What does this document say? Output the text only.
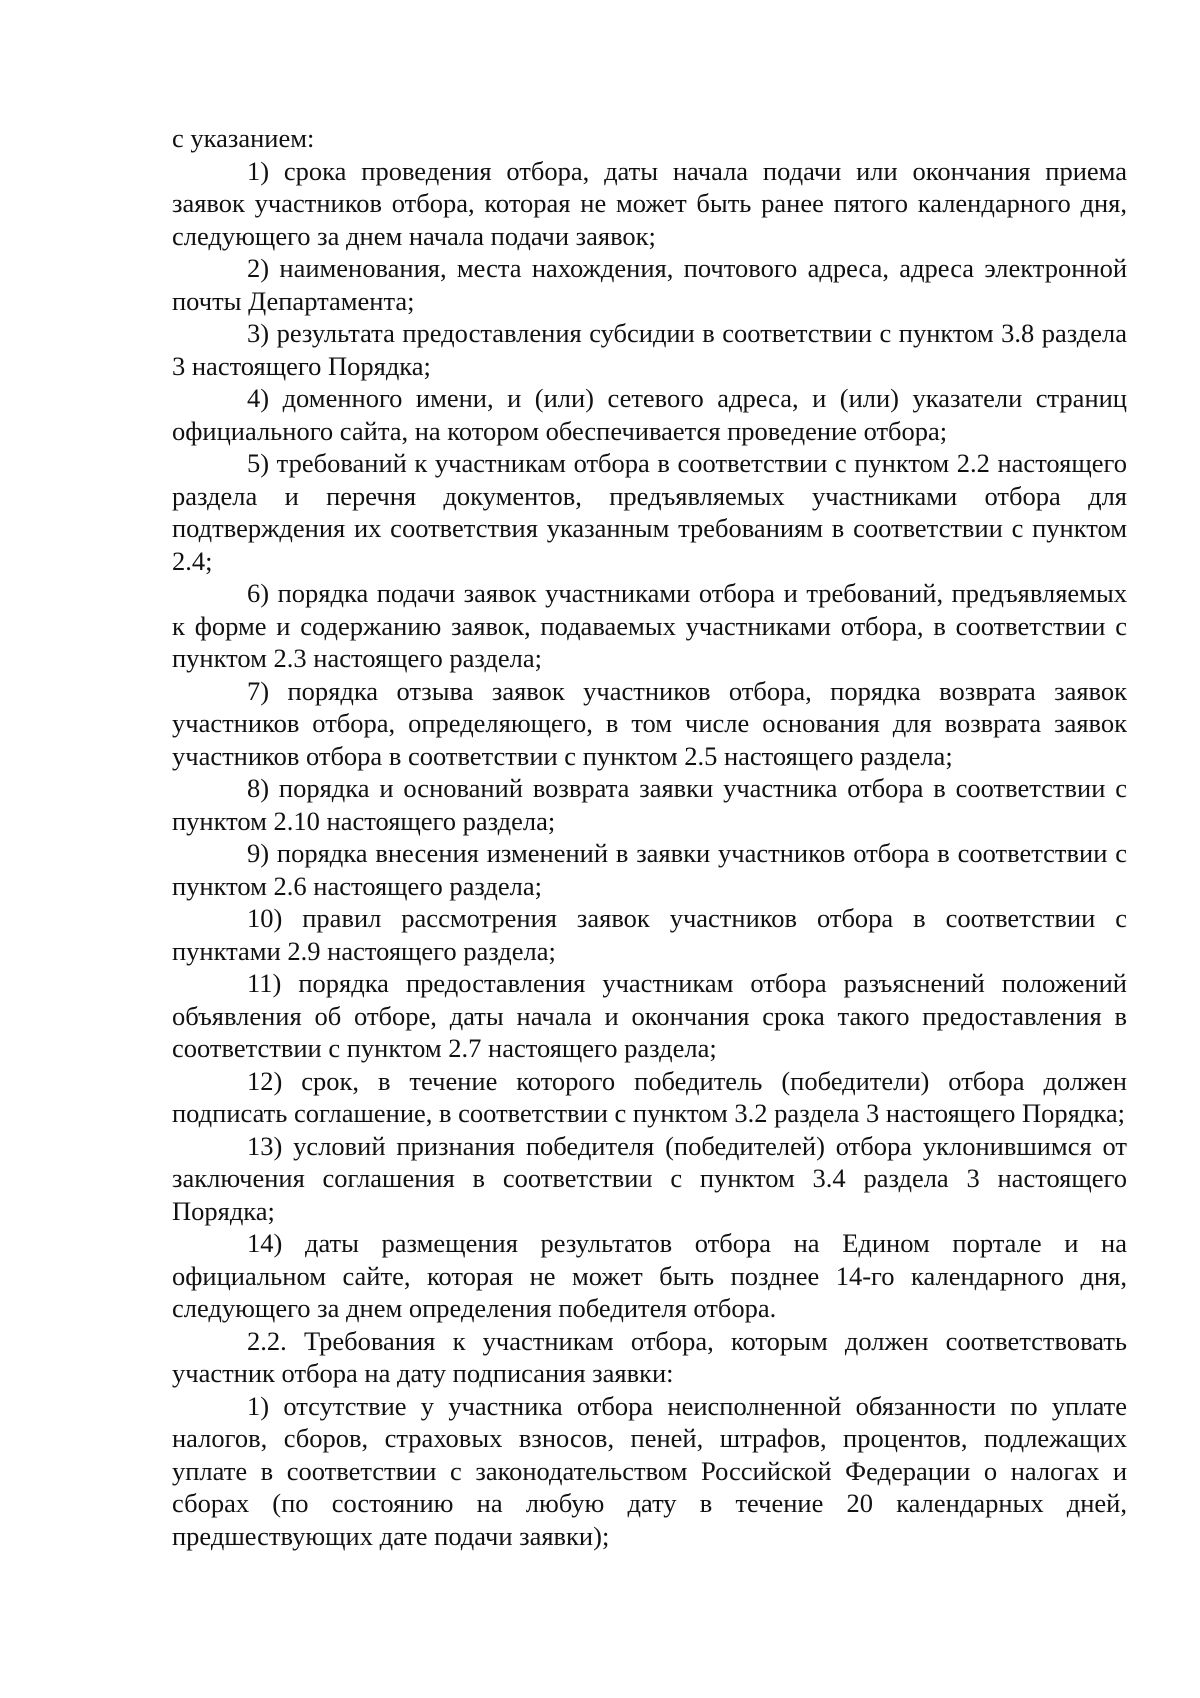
с указанием:

1) срока проведения отбора, даты начала подачи или окончания приема заявок участников отбора, которая не может быть ранее пятого календарного дня, следующего за днем начала подачи заявок;

2) наименования, места нахождения, почтового адреса, адреса электронной почты Департамента;

3) результата предоставления субсидии в соответствии с пунктом 3.8 раздела 3 настоящего Порядка;

4) доменного имени, и (или) сетевого адреса, и (или) указатели страниц официального сайта, на котором обеспечивается проведение отбора;

5) требований к участникам отбора в соответствии с пунктом 2.2 настоящего раздела и перечня документов, предъявляемых участниками отбора для подтверждения их соответствия указанным требованиям в соответствии с пунктом 2.4;

6) порядка подачи заявок участниками отбора и требований, предъявляемых к форме и содержанию заявок, подаваемых участниками отбора, в соответствии с пунктом 2.3 настоящего раздела;

7) порядка отзыва заявок участников отбора, порядка возврата заявок участников отбора, определяющего, в том числе основания для возврата заявок участников отбора в соответствии с пунктом 2.5 настоящего раздела;

8) порядка и оснований возврата заявки участника отбора в соответствии с пунктом 2.10 настоящего раздела;

9) порядка внесения изменений в заявки участников отбора в соответствии с пунктом 2.6 настоящего раздела;

10) правил рассмотрения заявок участников отбора в соответствии с пунктами 2.9 настоящего раздела;

11) порядка предоставления участникам отбора разъяснений положений объявления об отборе, даты начала и окончания срока такого предоставления в соответствии с пунктом 2.7 настоящего раздела;

12) срок, в течение которого победитель (победители) отбора должен подписать соглашение, в соответствии с пунктом 3.2 раздела 3 настоящего Порядка;

13) условий признания победителя (победителей) отбора уклонившимся от заключения соглашения в соответствии с пунктом 3.4 раздела 3 настоящего Порядка;

14) даты размещения результатов отбора на Едином портале и на официальном сайте, которая не может быть позднее 14-го календарного дня, следующего за днем определения победителя отбора.

2.2. Требования к участникам отбора, которым должен соответствовать участник отбора на дату подписания заявки:

1) отсутствие у участника отбора неисполненной обязанности по уплате налогов, сборов, страховых взносов, пеней, штрафов, процентов, подлежащих уплате в соответствии с законодательством Российской Федерации о налогах и сборах (по состоянию на любую дату в течение 20 календарных дней, предшествующих дате подачи заявки);
